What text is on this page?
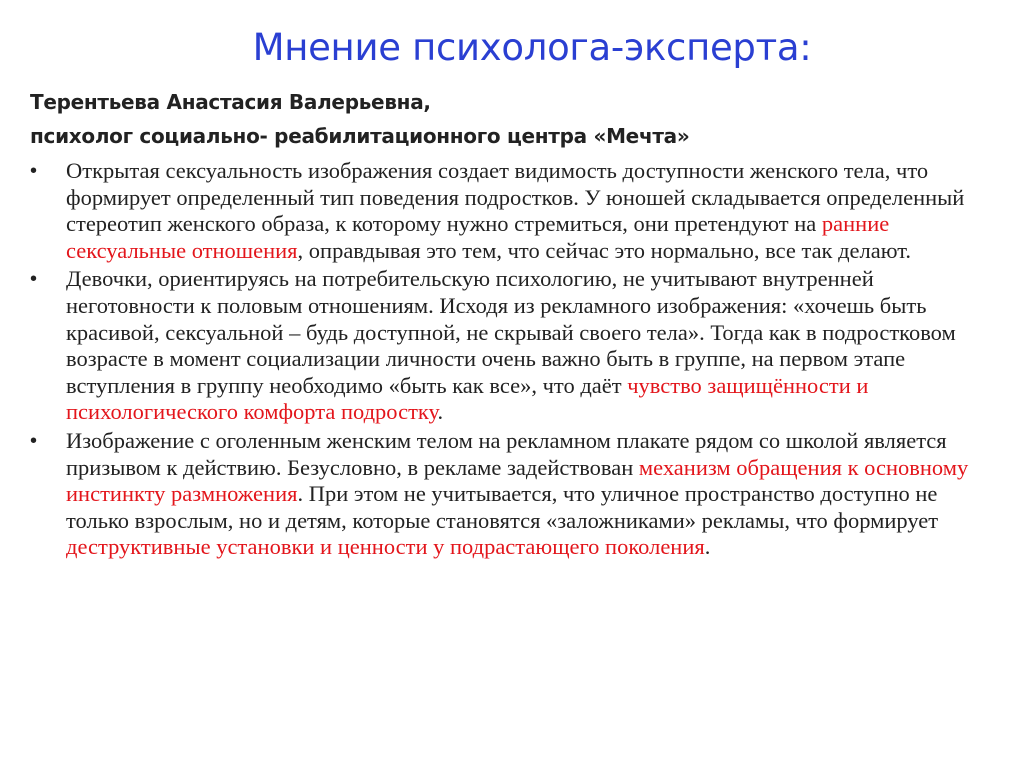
Мнение психолога-эксперта:
Терентьева Анастасия Валерьевна,
психолог социально- реабилитационного центра «Мечта»
• Открытая сексуальность изображения создает видимость доступности женского тела, что формирует определенный тип поведения подростков. У юношей складывается определенный стереотип женского образа, к которому нужно стремиться, они претендуют на ранние сексуальные отношения, оправдывая это тем, что сейчас это нормально, все так делают.
• Девочки, ориентируясь на потребительскую психологию, не учитывают внутренней неготовности к половым отношениям. Исходя из рекламного изображения: «хочешь быть красивой, сексуальной – будь доступной, не скрывай своего тела». Тогда как в подростковом возрасте в момент социализации личности очень важно быть в группе, на первом этапе вступления в группу необходимо «быть как все», что даёт чувство защищённости и психологического комфорта подростку.
• Изображение с оголенным женским телом на рекламном плакате рядом со школой является призывом к действию. Безусловно, в рекламе задействован механизм обращения к основному инстинкту размножения. При этом не учитывается, что уличное пространство доступно не только взрослым, но и детям, которые становятся «заложниками» рекламы, что формирует деструктивные установки и ценности у подрастающего поколения.
